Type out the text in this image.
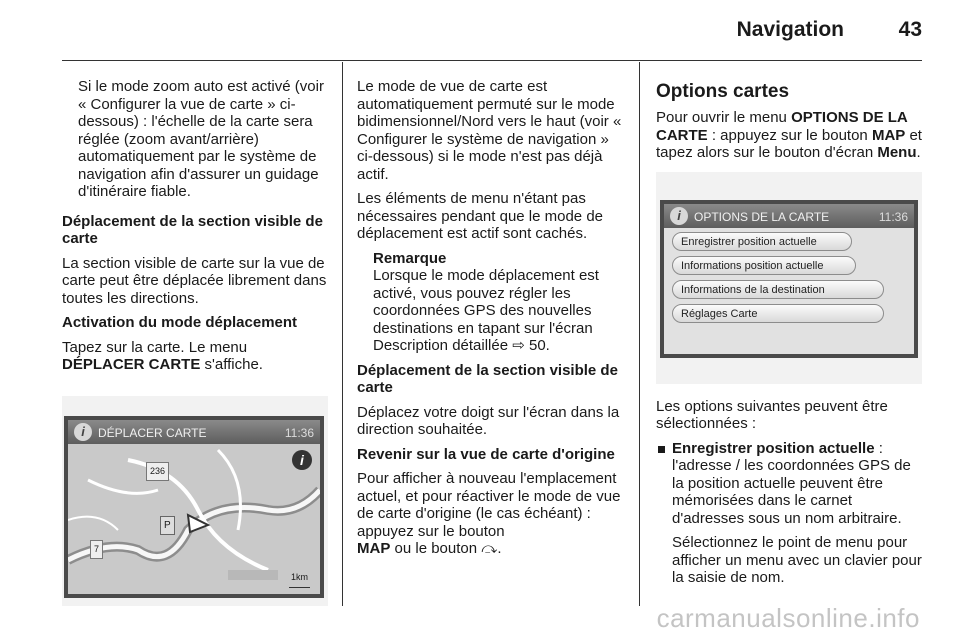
Navigation	43

Si le mode zoom auto est activé (voir « Configurer la vue de carte » ci-dessous) : l'échelle de la carte sera réglée (zoom avant/arrière) automatiquement par le système de navigation afin d'assurer un guidage d'itinéraire fiable.

Déplacement de la section visible de carte

La section visible de carte sur la vue de carte peut être déplacée librement dans toutes les directions.

Activation du mode déplacement

Tapez sur la carte. Le menu
DÉPLACER CARTE s'affiche.

i	DÉPLACER CARTE	11:36
236
7
P
i
1km

Le mode de vue de carte est automatiquement permuté sur le mode bidimensionnel/Nord vers le haut (voir « Configurer le système de navigation » ci-dessous) si le mode n'est pas déjà actif.

Les éléments de menu n'étant pas nécessaires pendant que le mode de déplacement est actif sont cachés.

Remarque
Lorsque le mode déplacement est activé, vous pouvez régler les coordonnées GPS des nouvelles destinations en tapant sur l'écran Description détaillée ⇨ 50.

Déplacement de la section visible de carte

Déplacez votre doigt sur l'écran dans la direction souhaitée.

Revenir sur la vue de carte d'origine

Pour afficher à nouveau l'emplacement actuel, et pour réactiver le mode de vue de carte d'origine (le cas échéant) : appuyez sur le bouton
MAP ou le bouton ⤼.

Options cartes

Pour ouvrir le menu OPTIONS DE LA CARTE : appuyez sur le bouton MAP et tapez alors sur le bouton d'écran Menu.

i	OPTIONS DE LA CARTE	11:36
Enregistrer position actuelle
Informations position actuelle
Informations de la destination
Réglages Carte

Les options suivantes peuvent être sélectionnées :

Enregistrer position actuelle :
l'adresse / les coordonnées GPS de la position actuelle peuvent être mémorisées dans le carnet d'adresses sous un nom arbitraire.
Sélectionnez le point de menu pour afficher un menu avec un clavier pour la saisie de nom.
carmanualsonline.info
